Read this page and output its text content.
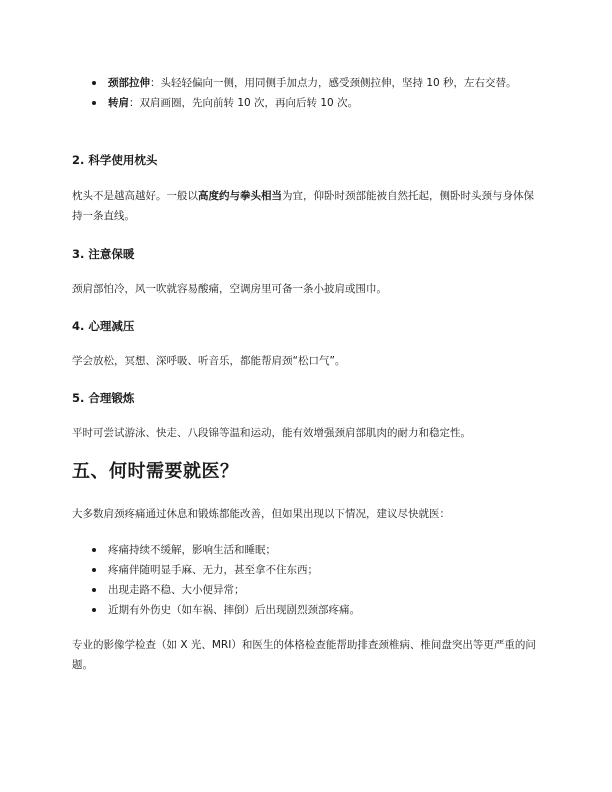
颈部拉伸：头轻轻偏向一侧，用同侧手加点力，感受颈侧拉伸，坚持 10 秒，左右交替。
转肩：双肩画圈，先向前转 10 次，再向后转 10 次。
2. 科学使用枕头

枕头不是越高越好。一般以高度约与拳头相当为宜，仰卧时颈部能被自然托起，侧卧时头颈与身体保持一条直线。

3. 注意保暖

颈肩部怕冷，风一吹就容易酸痛，空调房里可备一条小披肩或围巾。

4. 心理减压

学会放松，冥想、深呼吸、听音乐，都能帮肩颈“松口气”。

5. 合理锻炼

平时可尝试游泳、快走、八段锦等温和运动，能有效增强颈肩部肌肉的耐力和稳定性。

五、何时需要就医？

大多数肩颈疼痛通过休息和锻炼都能改善，但如果出现以下情况，建议尽快就医：

疼痛持续不缓解，影响生活和睡眠；
疼痛伴随明显手麻、无力，甚至拿不住东西；
出现走路不稳、大小便异常；
近期有外伤史（如车祸、摔倒）后出现剧烈颈部疼痛。

专业的影像学检查（如 X 光、MRI）和医生的体格检查能帮助排查颈椎病、椎间盘突出等更严重的问题。
